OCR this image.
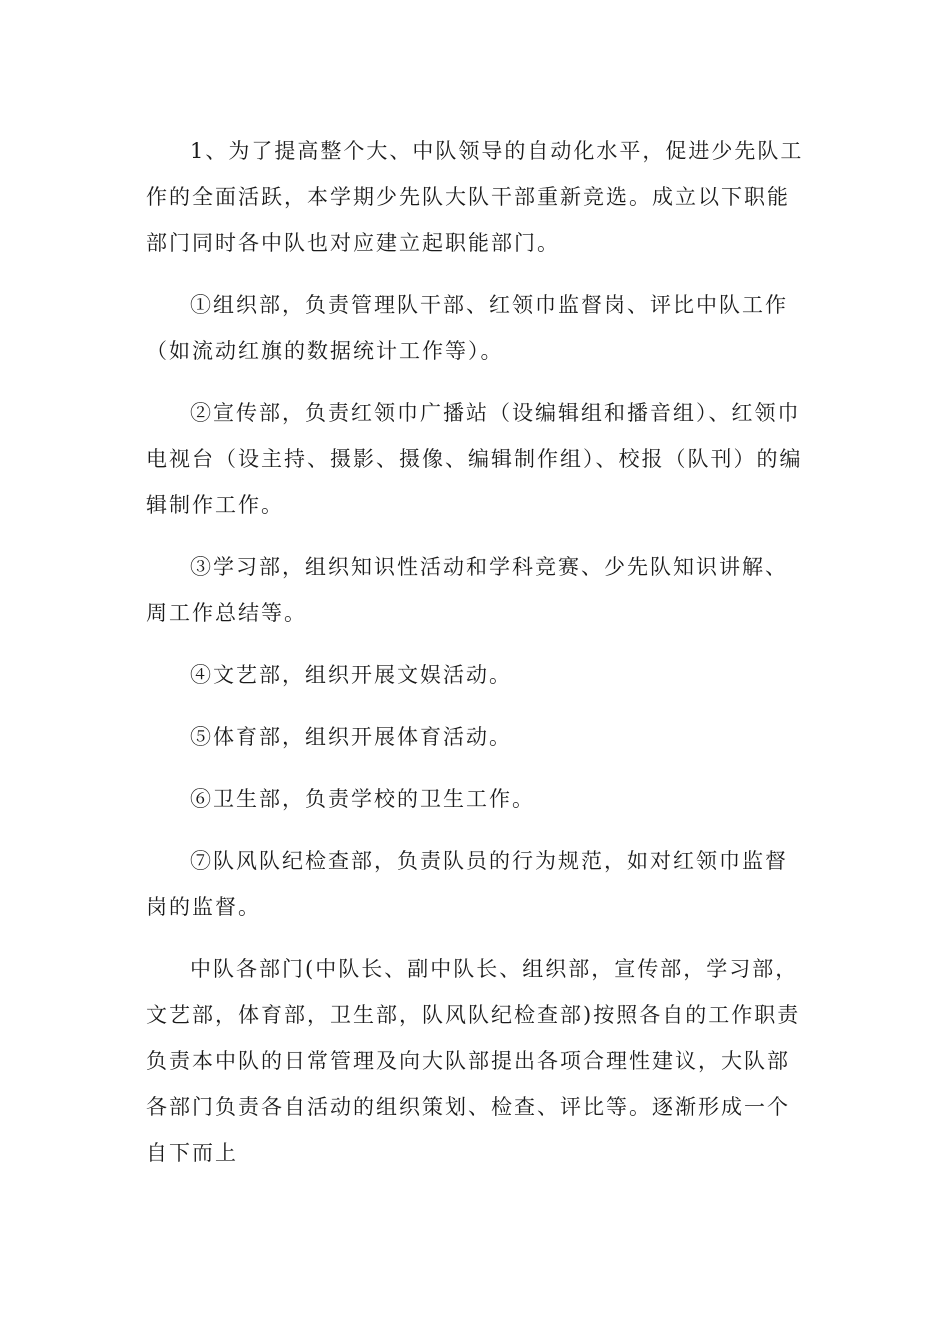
1、为了提高整个大、中队领导的自动化水平，促进少先队工作的全面活跃，本学期少先队大队干部重新竞选。成立以下职能部门同时各中队也对应建立起职能部门。

①组织部，负责管理队干部、红领巾监督岗、评比中队工作（如流动红旗的数据统计工作等）。

②宣传部，负责红领巾广播站（设编辑组和播音组）、红领巾电视台（设主持、摄影、摄像、编辑制作组）、校报（队刊）的编辑制作工作。

③学习部，组织知识性活动和学科竞赛、少先队知识讲解、周工作总结等。

④文艺部，组织开展文娱活动。

⑤体育部，组织开展体育活动。

⑥卫生部，负责学校的卫生工作。

⑦队风队纪检查部，负责队员的行为规范，如对红领巾监督岗的监督。

中队各部门(中队长、副中队长、组织部，宣传部，学习部，文艺部，体育部，卫生部，队风队纪检查部)按照各自的工作职责负责本中队的日常管理及向大队部提出各项合理性建议，大队部各部门负责各自活动的组织策划、检查、评比等。逐渐形成一个自下而上
